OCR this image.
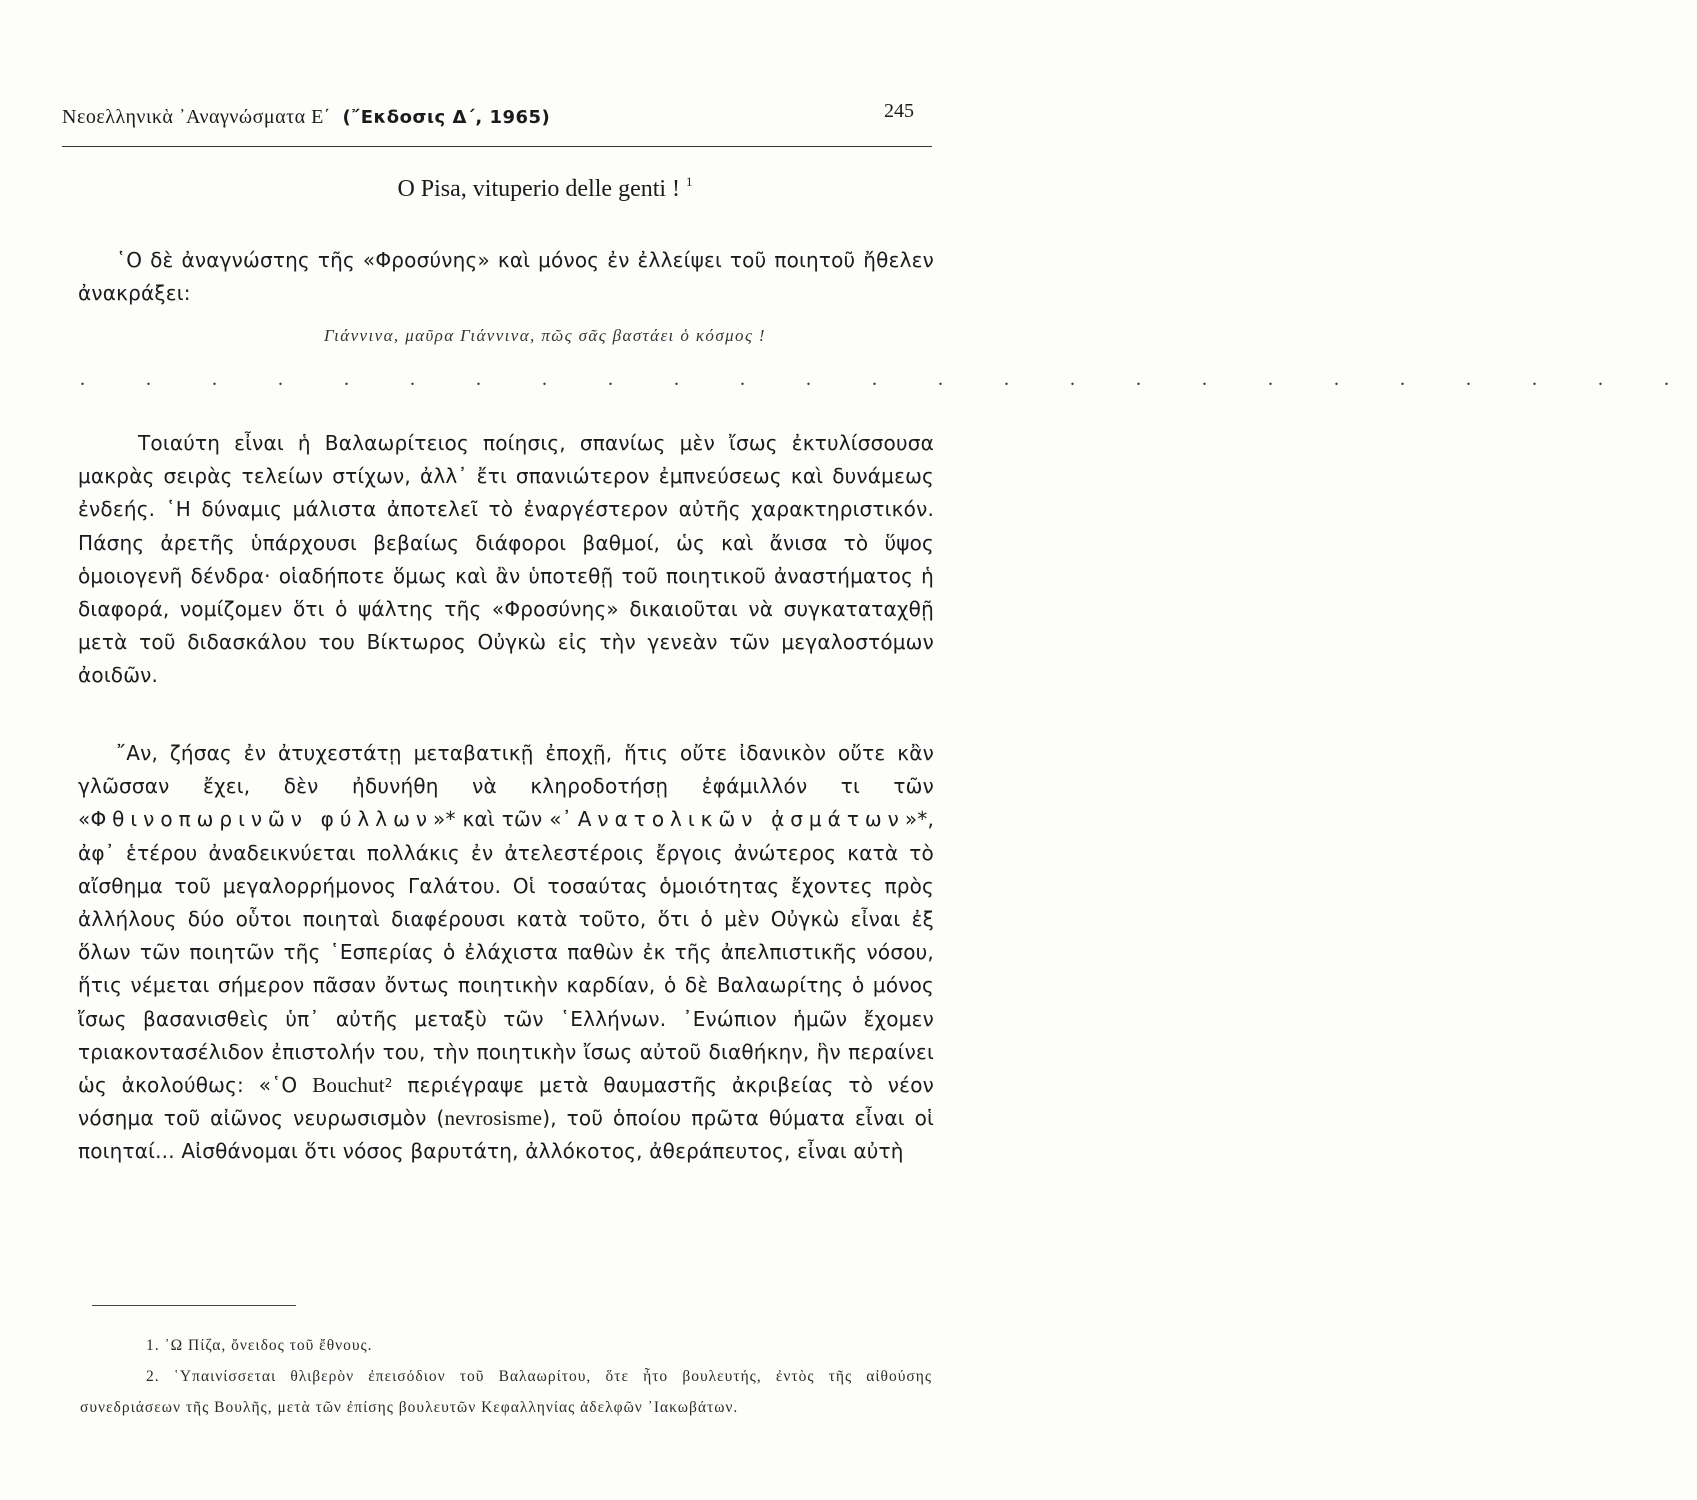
Νεοελληνικὰ ᾿Αναγνώσματα Ε΄ (῎Εκδοσις Δ΄, 1965)	245
O Pisa, vituperio delle genti ! $^1$
῾Ο δὲ ἀναγνώστης τῆς «Φροσύνης» καὶ μόνος ἐν ἐλλείψει τοῦ ποιητοῦ ἤθελεν ἀνακράξει:
Γιάννινα, μαῦρα Γιάννινα, πῶς σᾶς βαστάει ὁ κόσμος !
. . . . . . . . . . . . . . . . . . . . . . . . .
Τοιαύτη εἶναι ἡ Βαλαωρίτειος ποίησις, σπανίως μὲν ἴσως ἐκτυλίσσουσα μακρὰς σειρὰς τελείων στίχων, ἀλλ᾿ ἔτι σπανιώτερον ἐμπνεύσεως καὶ δυνάμεως ἐνδεής. ῾Η δύναμις μάλιστα ἀποτελεῖ τὸ ἐναργέστερον αὐτῆς χαρακτηριστικόν. Πάσης ἀρετῆς ὑπάρχουσι βεβαίως διάφοροι βαθμοί, ὡς καὶ ἄνισα τὸ ὕψος ὁμοιογενῆ δένδρα· οἱαδήποτε ὅμως καὶ ἂν ὑποτεθῇ τοῦ ποιητικοῦ ἀναστήματος ἡ διαφορά, νομίζομεν ὅτι ὁ ψάλτης τῆς «Φροσύνης» δικαιοῦται νὰ συγκαταταχθῇ μετὰ τοῦ διδασκάλου του Βίκτωρος Οὐγκὼ εἰς τὴν γενεὰν τῶν μεγαλοστόμων ἀοιδῶν.
῎Αν, ζήσας ἐν ἀτυχεστάτῃ μεταβατικῇ ἐποχῇ, ἥτις οὔτε ἰδανικὸν οὔτε κἂν γλῶσσαν ἔχει, δὲν ἠδυνήθη νὰ κληροδοτήσῃ ἐφάμιλλόν τι τῶν «Φθινοπωρινῶν φύλλων»* καὶ τῶν «᾿Ανατολικῶν ᾀσμάτων»*, ἀφ᾿ ἑτέρου ἀναδεικνύεται πολλάκις ἐν ἀτελεστέροις ἔργοις ἀνώτερος κατὰ τὸ αἴσθημα τοῦ μεγαλορρήμονος Γαλάτου. Οἱ τοσαύτας ὁμοιότητας ἔχοντες πρὸς ἀλλήλους δύο οὗτοι ποιηταὶ διαφέρουσι κατὰ τοῦτο, ὅτι ὁ μὲν Οὐγκὼ εἶναι ἐξ ὅλων τῶν ποιητῶν τῆς ῾Εσπερίας ὁ ἐλάχιστα παθὼν ἐκ τῆς ἀπελπιστικῆς νόσου, ἥτις νέμεται σήμερον πᾶσαν ὄντως ποιητικὴν καρδίαν, ὁ δὲ Βαλαωρίτης ὁ μόνος ἴσως βασανισθεὶς ὑπ᾿ αὐτῆς μεταξὺ τῶν ῾Ελλήνων. ᾿Ενώπιον ἡμῶν ἔχομεν τριακοντασέλιδον ἐπιστολήν του, τὴν ποιητικὴν ἴσως αὐτοῦ διαθήκην, ἣν περαίνει ὡς ἀκολούθως: «῾Ο Bouchut$^2$ περιέγραψε μετὰ θαυμαστῆς ἀκριβείας τὸ νέον νόσημα τοῦ αἰῶνος νευρωσισμὸν (nevrosisme), τοῦ ὁποίου πρῶτα θύματα εἶναι οἱ ποιηταί... Αἰσθάνομαι ὅτι νόσος βαρυτάτη, ἀλλόκοτος, ἀθεράπευτος, εἶναι αὐτὴ

1. ᾿Ω Πίζα, ὄνειδος τοῦ ἔθνους.

2. ῾Υπαινίσσεται θλιβερὸν ἐπεισόδιον τοῦ Βαλαωρίτου, ὅτε ἦτο βουλευτής, ἐντὸς τῆς αἰθούσης συνεδριάσεων τῆς Βουλῆς, μετὰ τῶν ἐπίσης βουλευτῶν Κεφαλληνίας ἀδελφῶν ᾿Ιακωβάτων.
